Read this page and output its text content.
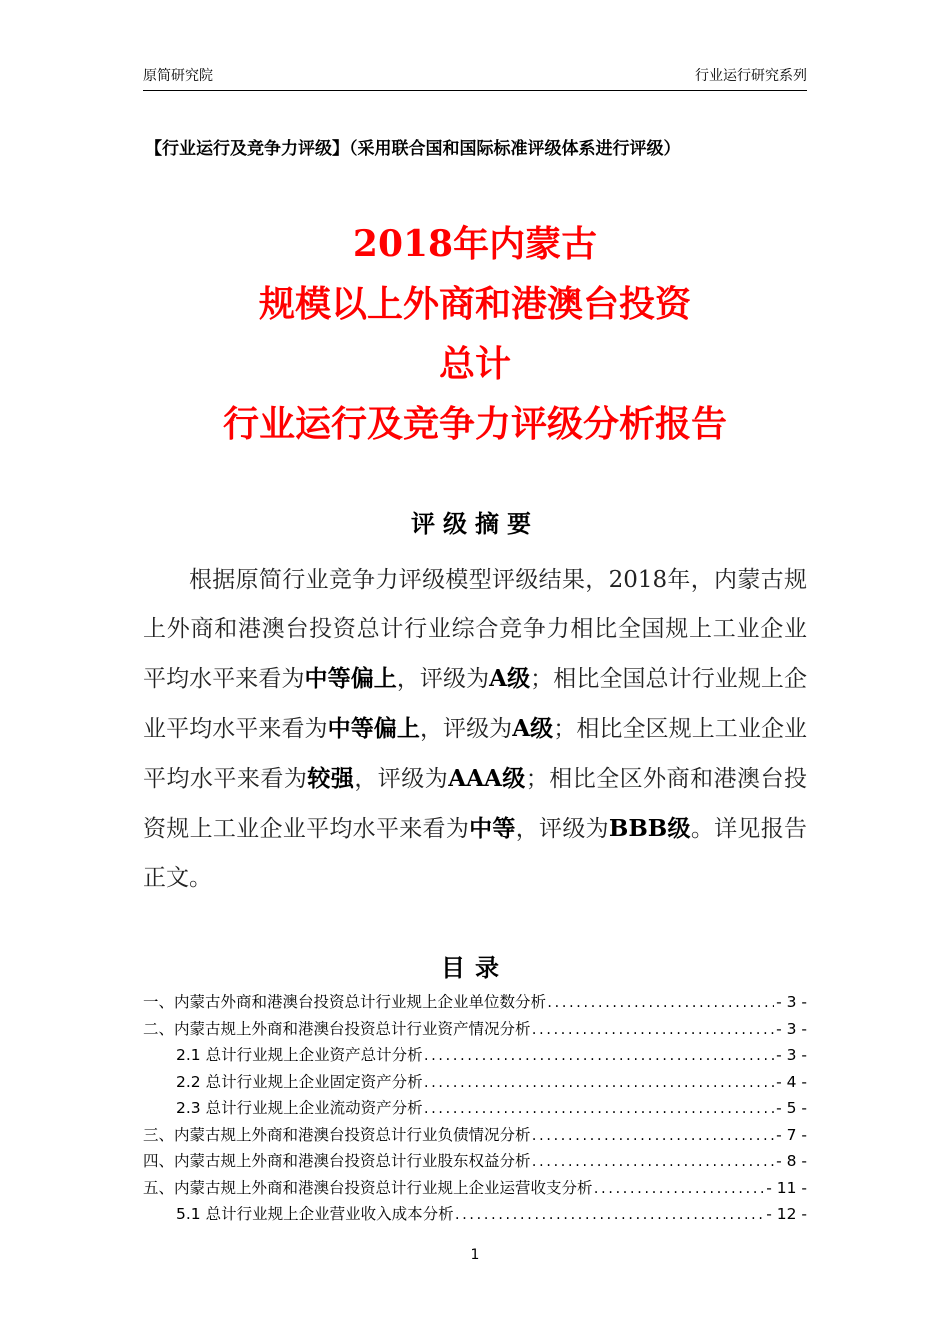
原简研究院	行业运行研究系列
【行业运行及竞争力评级】（采用联合国和国际标准评级体系进行评级）
2018年内蒙古
规模以上外商和港澳台投资
总计
行业运行及竞争力评级分析报告
评级摘要
根据原简行业竞争力评级模型评级结果，2018年，内蒙古规上外商和港澳台投资总计行业综合竞争力相比全国规上工业企业平均水平来看为中等偏上，评级为A级；相比全国总计行业规上企业平均水平来看为中等偏上，评级为A级；相比全区规上工业企业平均水平来看为较强，评级为AAA级；相比全区外商和港澳台投资规上工业企业平均水平来看为中等，评级为BBB级。详见报告正文。
目录
一、内蒙古外商和港澳台投资总计行业规上企业单位数分析 .....	- 3 -
二、内蒙古规上外商和港澳台投资总计行业资产情况分析 .....	- 3 -
2.1 总计行业规上企业资产总计分析 .....	- 3 -
2.2 总计行业规上企业固定资产分析 .....	- 4 -
2.3 总计行业规上企业流动资产分析 .....	- 5 -
三、内蒙古规上外商和港澳台投资总计行业负债情况分析 .....	- 7 -
四、内蒙古规上外商和港澳台投资总计行业股东权益分析 .....	- 8 -
五、内蒙古规上外商和港澳台投资总计行业规上企业运营收支分析 .....	- 11 -
5.1 总计行业规上企业营业收入成本分析 .....	- 12 -
1
